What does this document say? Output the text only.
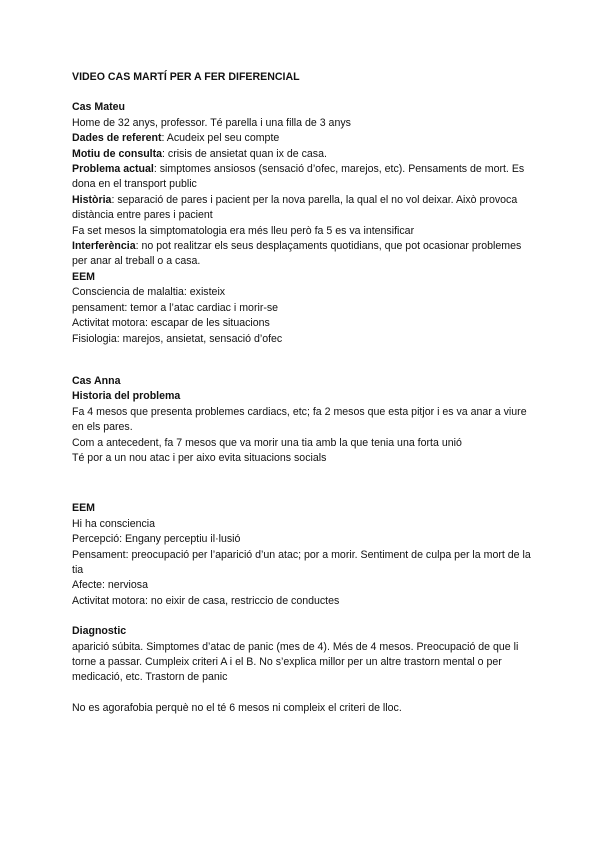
VIDEO CAS MARTÍ PER A FER DIFERENCIAL
Cas Mateu

Home de 32 anys, professor. Té parella i una filla de 3 anys

Dades de referent: Acudeix pel seu compte

Motiu de consulta: crisis de ansietat quan ix de casa.

Problema actual: simptomes ansiosos (sensació d’ofec, marejos, etc). Pensaments de mort. Es dona en el transport public

Història: separació de pares i pacient per la nova parella, la qual el no vol deixar. Això provoca distància entre pares i pacient

Fa set mesos la simptomatologia era més lleu però fa 5 es va intensificar

Interferència: no pot realitzar els seus desplaçaments quotidians, que pot ocasionar problemes per anar al treball o a casa.

EEM

Consciencia de malaltia: existeix

pensament: temor a l’atac cardiac i morir-se

Activitat motora: escapar de les situacions

Fisiologia: marejos, ansietat, sensació d’ofec

Cas Anna
Historia del problema

Fa 4 mesos que presenta problemes cardiacs, etc; fa 2 mesos que esta pitjor i es va anar a viure en els pares.

Com a antecedent, fa 7 mesos que va morir una tia amb la que tenia una forta unió

Té por a un nou atac i per aixo evita situacions socials

EEM

Hi ha consciencia

Percepció: Engany perceptiu il·lusió

Pensament: preocupació per l’aparició d’un atac; por a morir. Sentiment de culpa per la mort de la tia

Afecte: nerviosa

Activitat motora: no eixir de casa, restriccio de conductes

Diagnostic

aparició súbita. Simptomes d’atac de panic (mes de 4). Més de 4 mesos. Preocupació de que li torne a passar. Cumpleix criteri A i el B. No s’explica millor per un altre trastorn mental o per medicació, etc. Trastorn de panic

No es agorafobia perquè no el té 6 mesos ni compleix el criteri de lloc.
